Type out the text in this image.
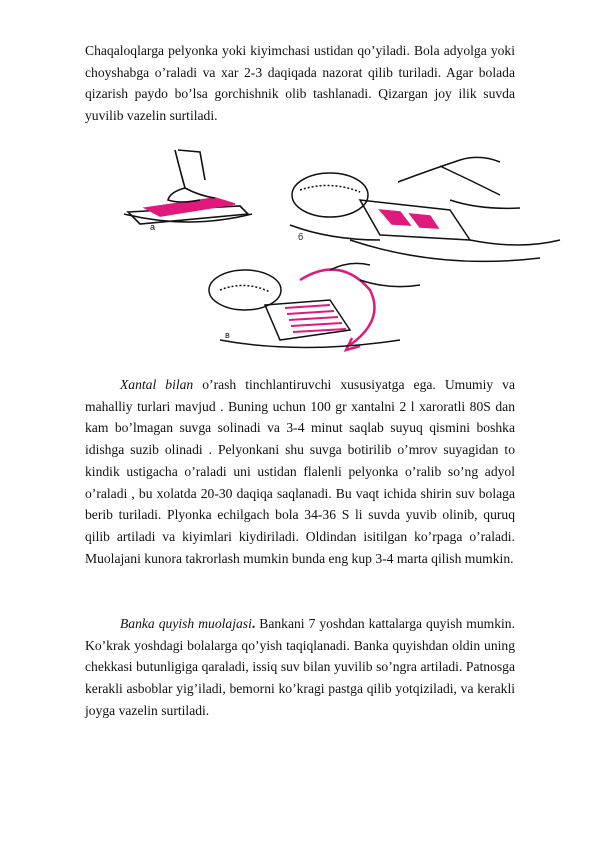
Chaqaloqlarga pelyonka yoki kiyimchasi ustidan qo’yiladi. Bola adyolga yoki choyshabga o’raladi va xar 2-3 daqiqada nazorat qilib turiladi. Agar bolada qizarish paydo bo’lsa gorchishnik olib tashlanadi. Qizargan joy ilik suvda yuvilib vazelin surtiladi.

a
б
в

Xantal bilan o’rash tinchlantiruvchi xususiyatga ega. Umumiy va mahalliy turlari mavjud . Buning uchun 100 gr xantalni 2 l xaroratli 80S dan kam bo’lmagan suvga solinadi va 3-4 minut saqlab suyuq qismini boshka idishga suzib olinadi . Pelyonkani shu suvga botirilib o’mrov suyagidan to kindik ustigacha o’raladi uni ustidan flalenli pelyonka o’ralib so’ng adyol o’raladi , bu xolatda 20-30 daqiqa saqlanadi. Bu vaqt ichida shirin suv bolaga berib turiladi. Plyonka echilgach bola 34-36 S li suvda yuvib olinib, quruq qilib artiladi va kiyimlari kiydiriladi. Oldindan isitilgan ko’rpaga o’raladi. Muolajani kunora takrorlash mumkin bunda eng kup 3-4 marta qilish mumkin.

Banka quyish muolajasi. Bankani 7 yoshdan kattalarga quyish mumkin. Ko’krak yoshdagi bolalarga qo’yish taqiqlanadi. Banka quyishdan oldin uning chekkasi butunligiga qaraladi, issiq suv bilan yuvilib so’ngra artiladi. Patnosga kerakli asboblar yig’iladi, bemorni ko’kragi pastga qilib yotqiziladi, va kerakli joyga vazelin surtiladi.
